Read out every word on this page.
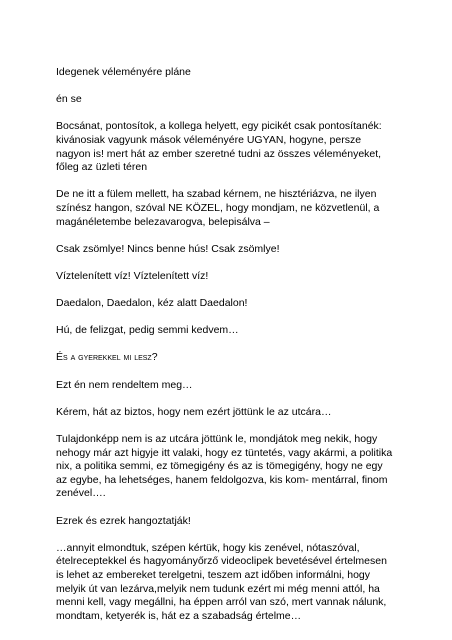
Idegenek véleményére pláne

én se

Bocsánat, pontosítok, a kollega helyett, egy picikét csak pontosítanék:
kivánosiak vagyunk mások véleményére UGYAN, hogyne, persze
nagyon is! mert hát az ember szeretné tudni az összes véleményeket,
főleg az üzleti téren

De ne itt a fülem mellett, ha szabad kérnem, ne hisztériázva, ne ilyen
színész hangon, szóval NE KÖZEL, hogy mondjam, ne közvetlenül, a
magánéletembe belezavarogva, belepisálva –

Csak zsömlye! Nincs benne hús! Csak zsömlye!

Víztelenített víz! Víztelenített víz!

Daedalon, Daedalon, kéz alatt Daedalon!

Hú, de felizgat, pedig semmi kedvem…

És a gyerekkel mi lesz?

Ezt én nem rendeltem meg…

Kérem, hát az biztos, hogy nem ezért jöttünk le az utcára…

Tulajdonképp nem is az utcára jöttünk le, mondjátok meg nekik, hogy
nehogy már azt higyje itt valaki, hogy ez tüntetés, vagy akármi, a politika
nix, a politika semmi, ez tömegigény és az is tömegigény, hogy ne egy
az egybe, ha lehetséges, hanem feldolgozva, kis kom- mentárral, finom
zenével….

Ezrek és ezrek hangoztatják!

…annyit elmondtuk, szépen kértük, hogy kis zenével, nótaszóval,
ételreceptekkel és hagyományőrző videoclipek bevetésével értelmesen
is lehet az embereket terelgetni, teszem azt időben informálni, hogy
melyik út van lezárva,melyik nem tudunk ezért mi még menni attól, ha
menni kell, vagy megállni, ha éppen arról van szó, mert vannak nálunk,
mondtam, ketyerék is, hát ez a szabadság értelme…
